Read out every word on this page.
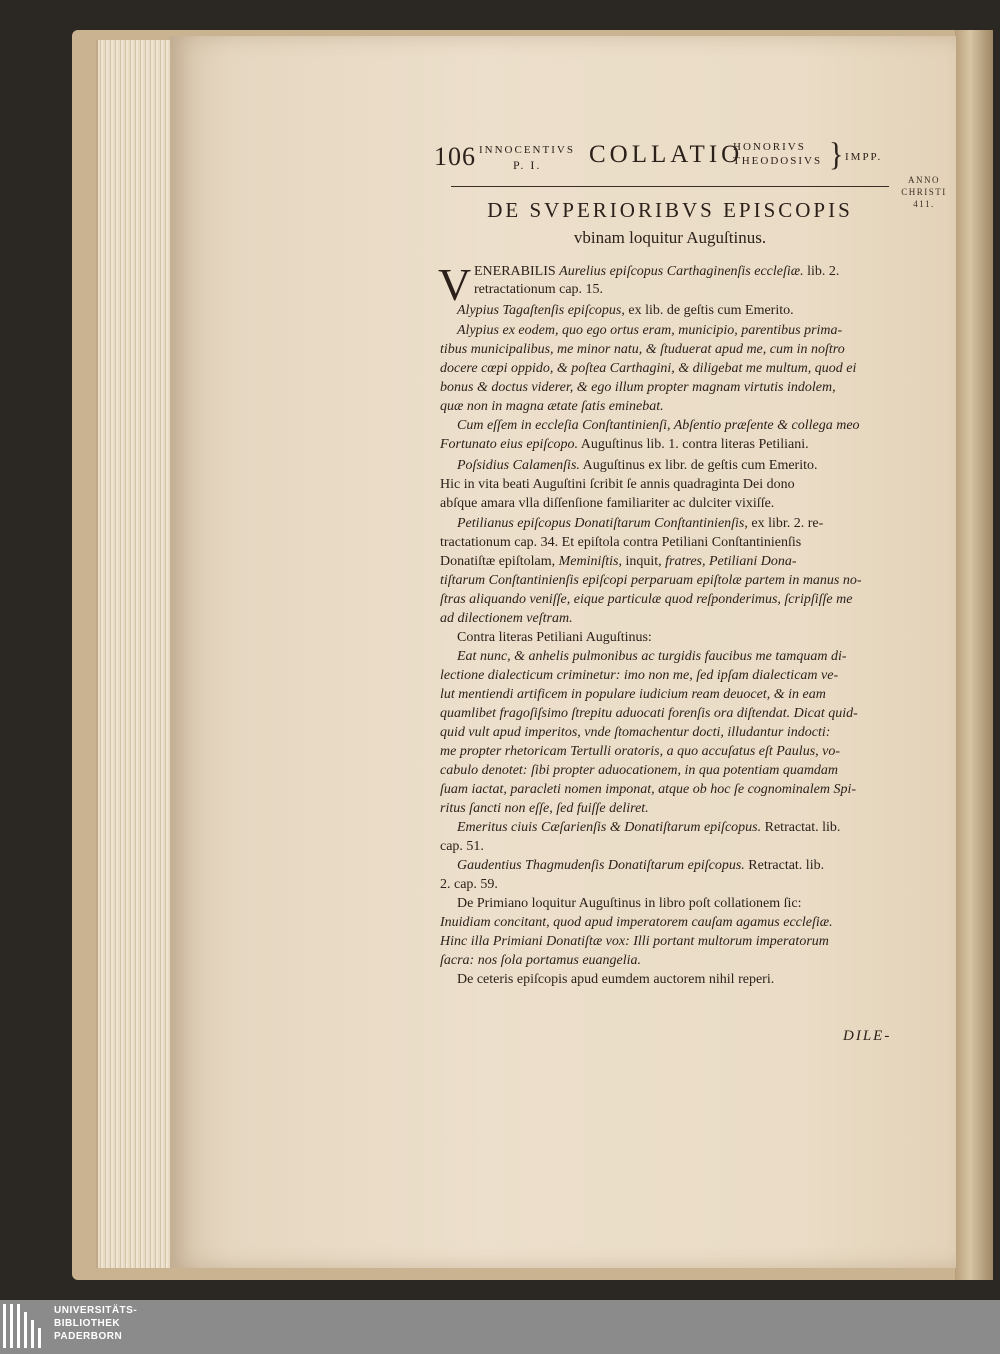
106 INNOCENTIVS
P. I. COLLATIO
HONORIVS
THEODOSIVS } IMPP.
ANNO
CHRISTI
411.
DE SVPERIORIBVS EPISCOPIS
vbinam loquitur Auguſtinus.
V ENERABILIS Aurelius epiſcopus Carthaginenſis eccleſiæ. lib. 2.
retractationum cap. 15.
Alypius Tagaſtenſis epiſcopus, ex lib. de geſtis cum Emerito.
Alypius ex eodem, quo ego ortus eram, municipio, parentibus prima-
tibus municipalibus, me minor natu, & ſtuduerat apud me, cum in noſtro
docere cœpi oppido, & poſtea Carthagini, & diligebat me multum, quod ei
bonus & doctus viderer, & ego illum propter magnam virtutis indolem,
quæ non in magna ætate ſatis eminebat.
Cum eſſem in eccleſia Conſtantinienſi, Abſentio præſente & collega meo
Fortunato eius epiſcopo. Auguſtinus lib. 1. contra literas Petiliani.
Poſsidius Calamenſis. Auguſtinus ex libr. de geſtis cum Emerito.
Hic in vita beati Auguſtini ſcribit ſe annis quadraginta Dei dono
abſque amara vlla diſſenſione familiariter ac dulciter vixiſſe.
Petilianus epiſcopus Donatiſtarum Conſtantinienſis, ex libr. 2. re-
tractationum cap. 34. Et epiſtola contra Petiliani Conſtantinienſis
Donatiſtæ epiſtolam, Meminiſtis, inquit, fratres, Petiliani Dona-
tiſtarum Conſtantinienſis epiſcopi perparuam epiſtolæ partem in manus no-
ſtras aliquando veniſſe, eique particulæ quod reſponderimus, ſcripſiſſe me
ad dilectionem veſtram.
Contra literas Petiliani Auguſtinus:
Eat nunc, & anhelis pulmonibus ac turgidis faucibus me tamquam di-
lectione dialecticum criminetur: imo non me, ſed ipſam dialecticam ve-
lut mentiendi artificem in populare iudicium ream deuocet, & in eam
quamlibet fragoſiſsimo ſtrepitu aduocati forenſis ora diſtendat. Dicat quid-
quid vult apud imperitos, vnde ſtomachentur docti, illudantur indocti:
me propter rhetoricam Tertulli oratoris, a quo accuſatus eſt Paulus, vo-
cabulo denotet: ſibi propter aduocationem, in qua potentiam quamdam
ſuam iactat, paracleti nomen imponat, atque ob hoc ſe cognominalem Spi-
ritus ſancti non eſſe, ſed fuiſſe deliret.
Emeritus ciuis Cæſarienſis & Donatiſtarum epiſcopus. Retractat. lib.
cap. 51.
Gaudentius Thagmudenſis Donatiſtarum epiſcopus. Retractat. lib.
2. cap. 59.
De Primiano loquitur Auguſtinus in libro poſt collationem ſic:
Inuidiam concitant, quod apud imperatorem cauſam agamus eccleſiæ.
Hinc illa Primiani Donatiſtæ vox: Illi portant multorum imperatorum
ſacra: nos ſola portamus euangelia.
De ceteris epiſcopis apud eumdem auctorem nihil reperi.
DILE-
UNIVERSITÄTS-
BIBLIOTHEK
PADERBORN
